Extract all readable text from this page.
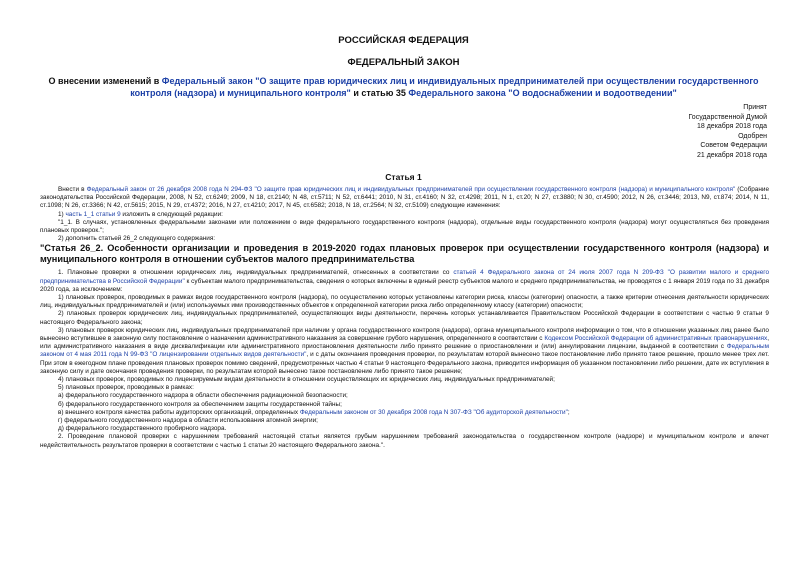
РОССИЙСКАЯ ФЕДЕРАЦИЯ
ФЕДЕРАЛЬНЫЙ ЗАКОН
О внесении изменений в Федеральный закон "О защите прав юридических лиц и индивидуальных предпринимателей при осуществлении государственного контроля (надзора) и муниципального контроля" и статью 35 Федерального закона "О водоснабжении и водоотведении"
Принят
Государственной Думой
18 декабря 2018 года
Одобрен
Советом Федерации
21 декабря 2018 года
Статья 1

Внести в Федеральный закон от 26 декабря 2008 года N 294-ФЗ "О защите прав юридических лиц и индивидуальных предпринимателей при осуществлении государственного контроля (надзора) и муниципального контроля" (Собрание законодательства Российской Федерации, 2008, N 52, ст.6249; 2009, N 18, ст.2140; N 48, ст.5711; N 52, ст.6441; 2010, N 31, ст.4160; N 32, ст.4298; 2011, N 1, ст.20; N 27, ст.3880; N 30, ст.4590; 2012, N 26, ст.3446; 2013, N9, ст.874; 2014, N 11, ст.1098; N 26, ст.3366; N 42, ст.5615; 2015, N 29, ст.4372; 2016, N 27, ст.4210; 2017, N 45, ст.6582; 2018, N 18, ст.2564; N 32, ст.5109) следующие изменения:

1) часть 1_1 статьи 9 изложить в следующей редакции:

"1_1. В случаях, установленных федеральными законами или положением о виде федерального государственного контроля (надзора), отдельные виды государственного контроля (надзора) могут осуществляться без проведения плановых проверок.";

2) дополнить статьей 26_2 следующего содержания:

"Статья 26_2. Особенности организации и проведения в 2019-2020 годах плановых проверок при осуществлении государственного контроля (надзора) и муниципального контроля в отношении субъектов малого предпринимательства

1. Плановые проверки в отношении юридических лиц, индивидуальных предпринимателей, отнесенных в соответствии со статьей 4 Федерального закона от 24 июля 2007 года N 209-ФЗ "О развитии малого и среднего предпринимательства в Российской Федерации" к субъектам малого предпринимательства, сведения о которых включены в единый реестр субъектов малого и среднего предпринимательства, не проводятся с 1 января 2019 года по 31 декабря 2020 года, за исключением:

1) плановых проверок, проводимых в рамках видов государственного контроля (надзора), по осуществлению которых установлены категории риска, классы (категории) опасности, а также критерии отнесения деятельности юридических лиц, индивидуальных предпринимателей и (или) используемых ими производственных объектов к определенной категории риска либо определенному классу (категории) опасности;

2) плановых проверок юридических лиц, индивидуальных предпринимателей, осуществляющих виды деятельности, перечень которых устанавливается Правительством Российской Федерации в соответствии с частью 9 статьи 9 настоящего Федерального закона;

3) плановых проверок юридических лиц, индивидуальных предпринимателей при наличии у органа государственного контроля (надзора), органа муниципального контроля информации о том, что в отношении указанных лиц ранее было вынесено вступившее в законную силу постановление о назначении административного наказания за совершение грубого нарушения, определенного в соответствии с Кодексом Российской Федерации об административных правонарушениях, или административного наказания в виде дисквалификации или административного приостановления деятельности либо принято решение о приостановлении и (или) аннулировании лицензии, выданной в соответствии с Федеральным законом от 4 мая 2011 года N 99-ФЗ "О лицензировании отдельных видов деятельности", и с даты окончания проведения проверки, по результатам которой вынесено такое постановление либо принято такое решение, прошло менее трех лет. При этом в ежегодном плане проведения плановых проверок помимо сведений, предусмотренных частью 4 статьи 9 настоящего Федерального закона, приводится информация об указанном постановлении либо решении, дате их вступления в законную силу и дате окончания проведения проверки, по результатам которой вынесено такое постановление либо принято такое решение;

4) плановых проверок, проводимых по лицензируемым видам деятельности в отношении осуществляющих их юридических лиц, индивидуальных предпринимателей;

5) плановых проверок, проводимых в рамках:

а) федерального государственного надзора в области обеспечения радиационной безопасности;

б) федерального государственного контроля за обеспечением защиты государственной тайны;

в) внешнего контроля качества работы аудиторских организаций, определенных Федеральным законом от 30 декабря 2008 года N 307-ФЗ "Об аудиторской деятельности";

г) федерального государственного надзора в области использования атомной энергии;

д) федерального государственного пробирного надзора.

2. Проведение плановой проверки с нарушением требований настоящей статьи является грубым нарушением требований законодательства о государственном контроле (надзоре) и муниципальном контроле и влечет недействительность результатов проверки в соответствии с частью 1 статьи 20 настоящего Федерального закона.".
